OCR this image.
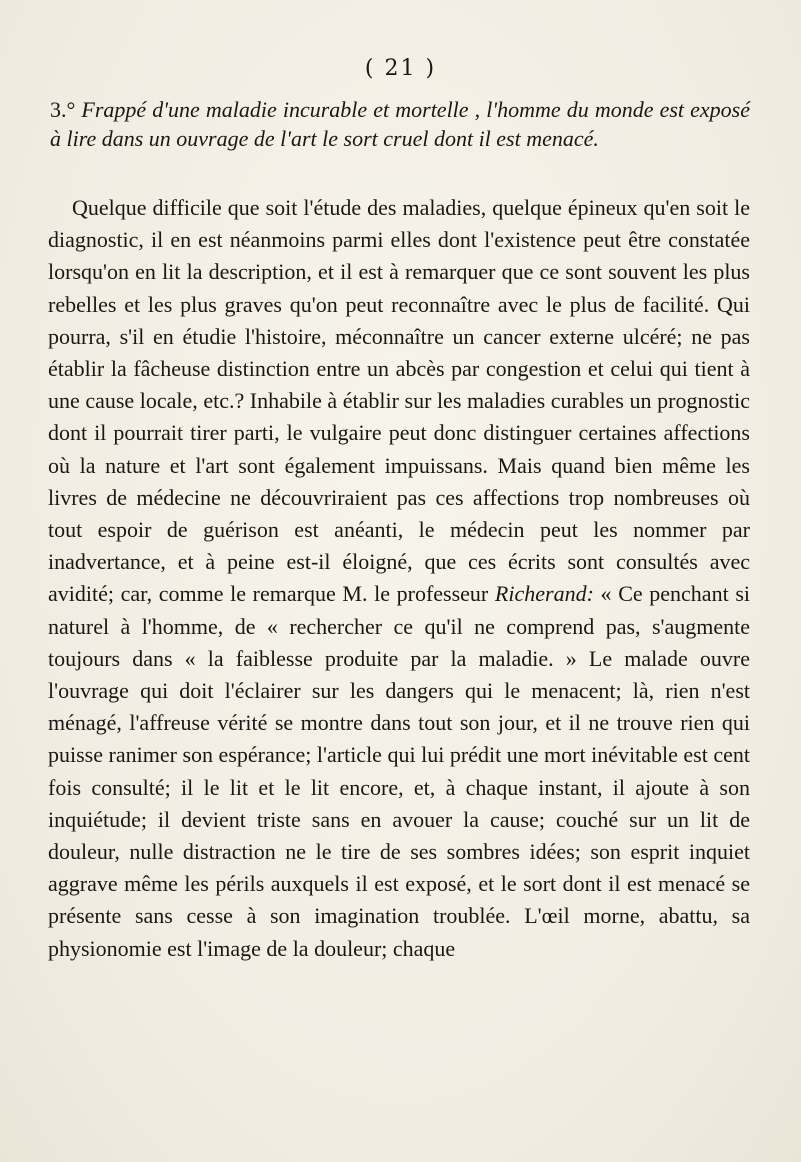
( 21 )

3.° Frappé d'une maladie incurable et mortelle , l'homme du monde est exposé à lire dans un ouvrage de l'art le sort cruel dont il est menacé.

Quelque difficile que soit l'étude des maladies, quelque épineux qu'en soit le diagnostic, il en est néanmoins parmi elles dont l'existence peut être constatée lorsqu'on en lit la description, et il est à remarquer que ce sont souvent les plus rebelles et les plus graves qu'on peut reconnaître avec le plus de facilité. Qui pourra, s'il en étudie l'histoire, méconnaître un cancer externe ulcéré; ne pas établir la fâcheuse distinction entre un abcès par congestion et celui qui tient à une cause locale, etc.? Inhabile à établir sur les maladies curables un prognostic dont il pourrait tirer parti, le vulgaire peut donc distinguer certaines affections où la nature et l'art sont également impuissans. Mais quand bien même les livres de médecine ne découvriraient pas ces affections trop nombreuses où tout espoir de guérison est anéanti, le médecin peut les nommer par inadvertance, et à peine est-il éloigné, que ces écrits sont consultés avec avidité; car, comme le remarque M. le professeur Richerand: « Ce penchant si naturel à l'homme, de « rechercher ce qu'il ne comprend pas, s'augmente toujours dans « la faiblesse produite par la maladie. » Le malade ouvre l'ouvrage qui doit l'éclairer sur les dangers qui le menacent; là, rien n'est ménagé, l'affreuse vérité se montre dans tout son jour, et il ne trouve rien qui puisse ranimer son espérance; l'article qui lui prédit une mort inévitable est cent fois consulté; il le lit et le lit encore, et, à chaque instant, il ajoute à son inquiétude; il devient triste sans en avouer la cause; couché sur un lit de douleur, nulle distraction ne le tire de ses sombres idées; son esprit inquiet aggrave même les périls auxquels il est exposé, et le sort dont il est menacé se présente sans cesse à son imagination troublée. L'œil morne, abattu, sa physionomie est l'image de la douleur; chaque
